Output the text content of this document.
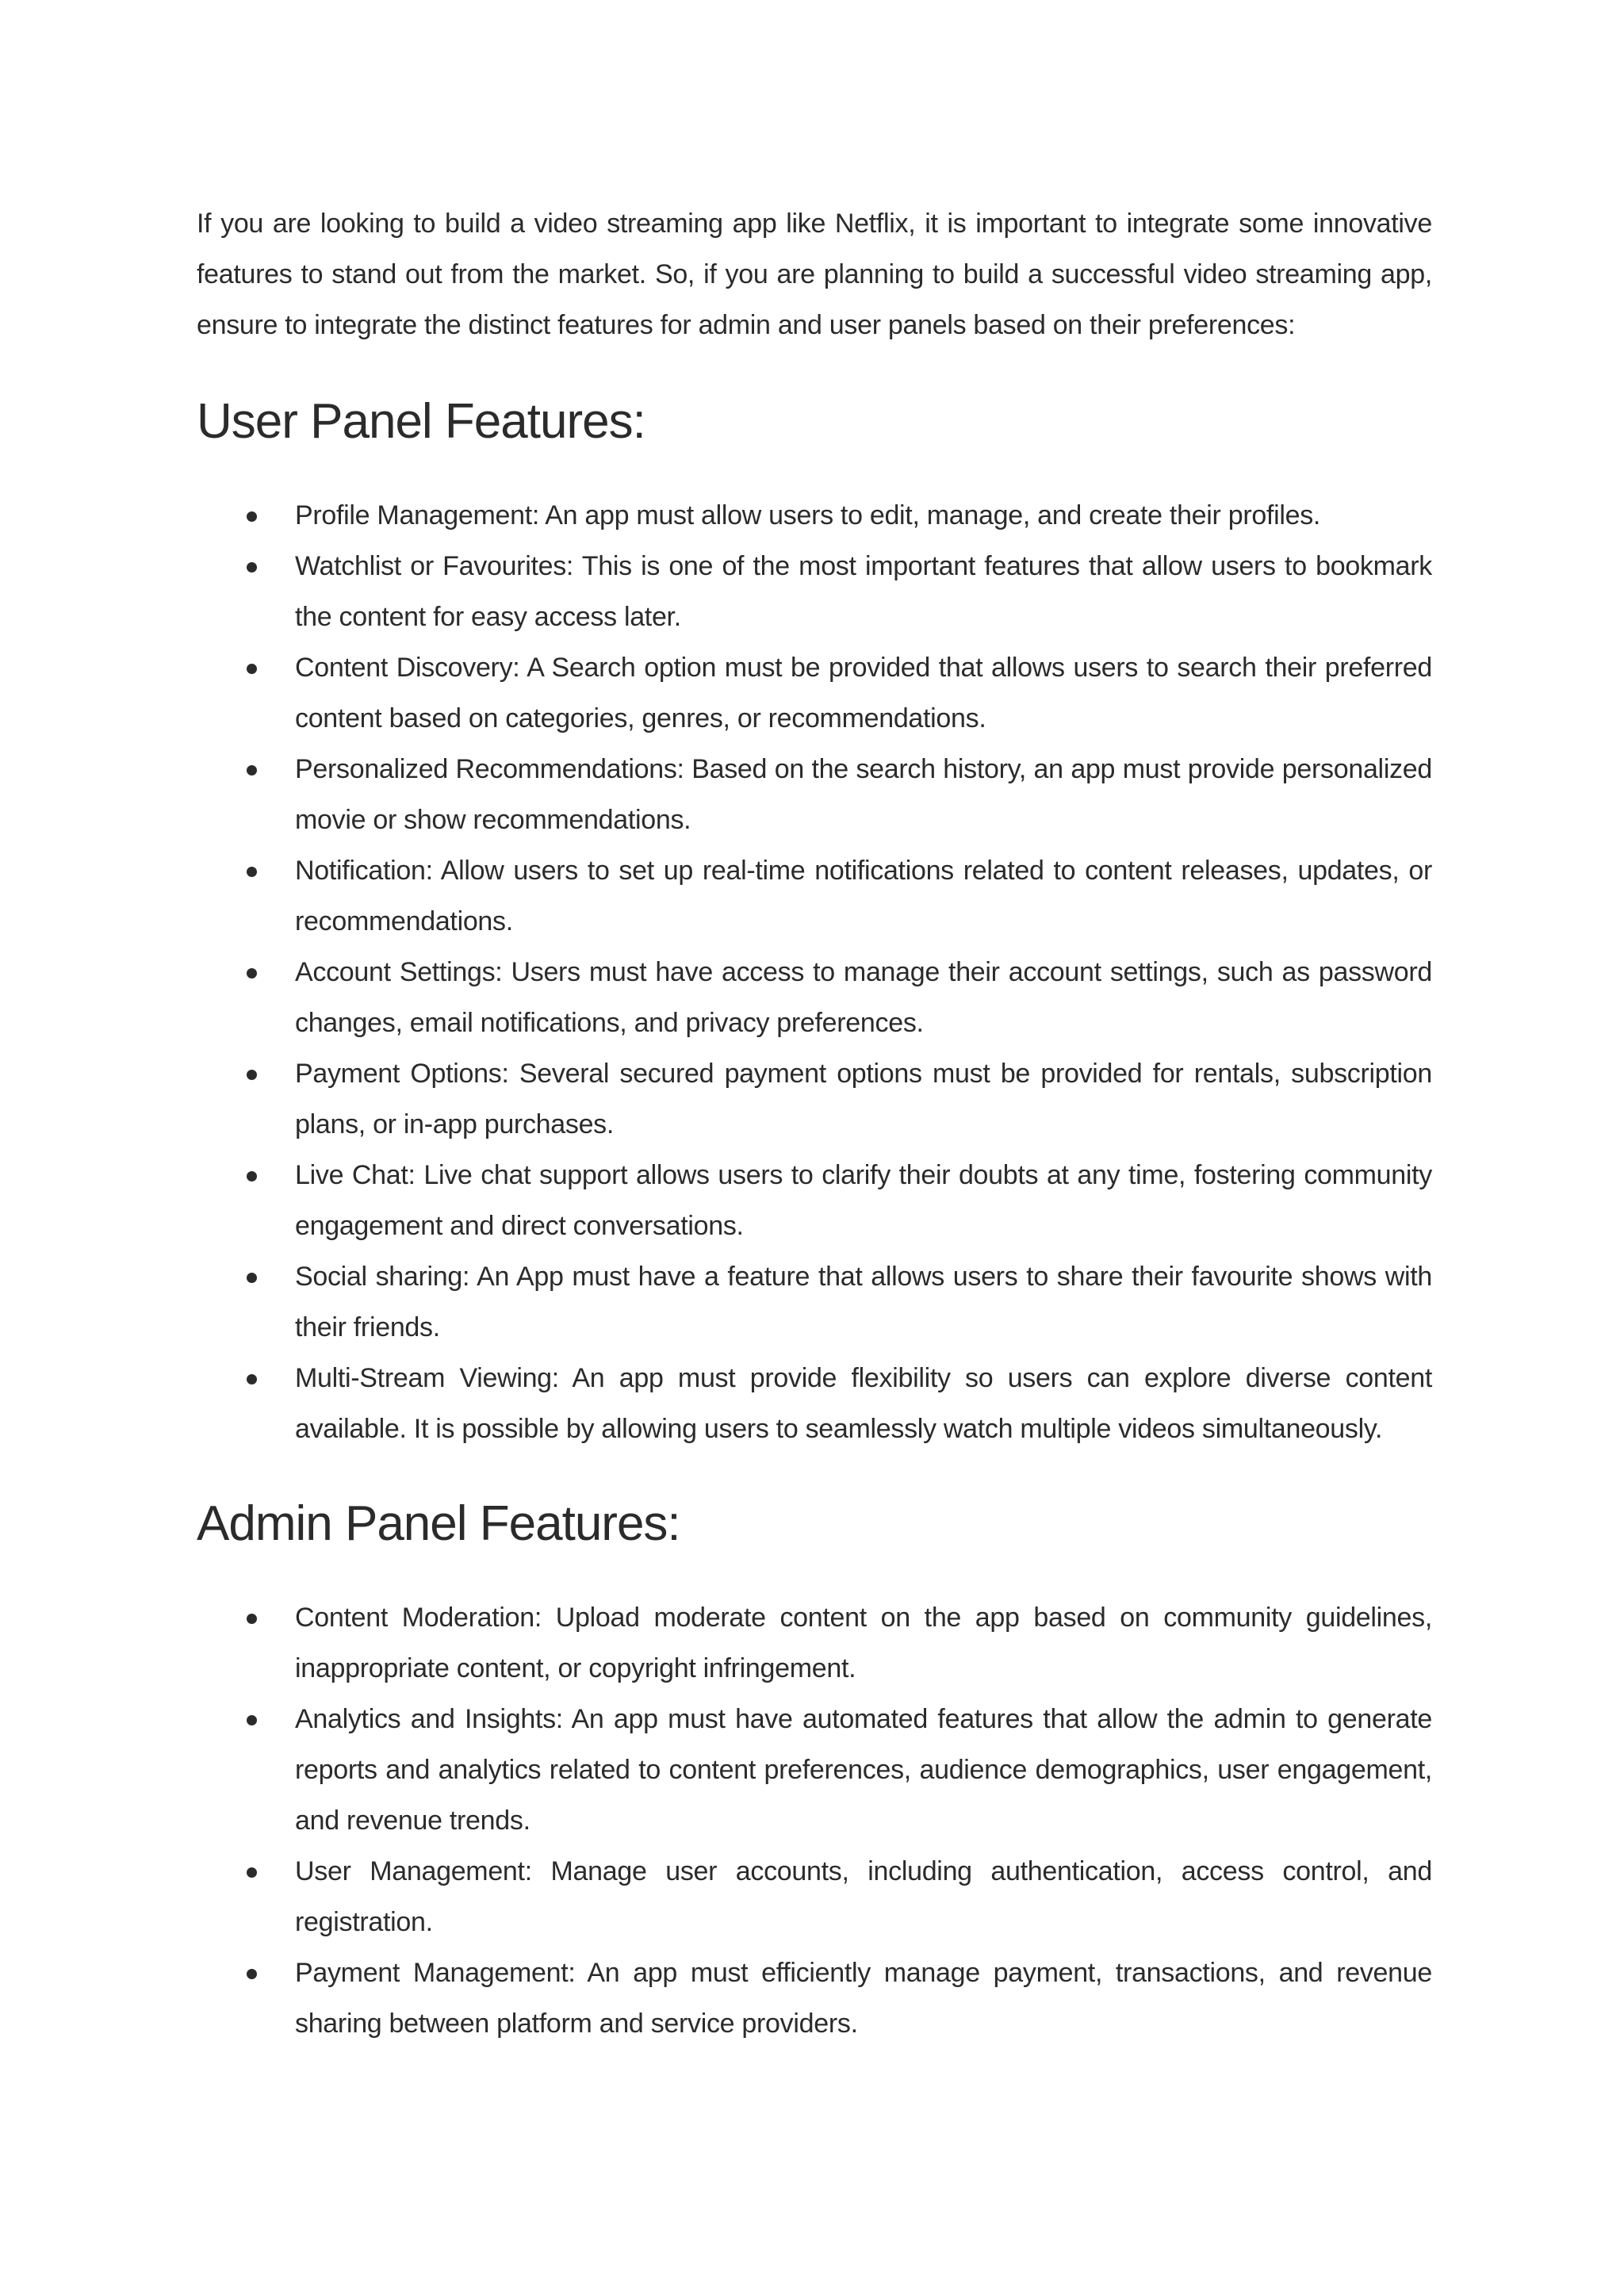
If you are looking to build a video streaming app like Netflix, it is important to integrate some innovative features to stand out from the market. So, if you are planning to build a successful video streaming app, ensure to integrate the distinct features for admin and user panels based on their preferences:

User Panel Features:
Profile Management: An app must allow users to edit, manage, and create their profiles.
Watchlist or Favourites: This is one of the most important features that allow users to bookmark the content for easy access later.
Content Discovery: A Search option must be provided that allows users to search their preferred content based on categories, genres, or recommendations.
Personalized Recommendations: Based on the search history, an app must provide personalized movie or show recommendations.
Notification: Allow users to set up real-time notifications related to content releases, updates, or recommendations.
Account Settings: Users must have access to manage their account settings, such as password changes, email notifications, and privacy preferences.
Payment Options: Several secured payment options must be provided for rentals, subscription plans, or in-app purchases.
Live Chat: Live chat support allows users to clarify their doubts at any time, fostering community engagement and direct conversations.
Social sharing: An App must have a feature that allows users to share their favourite shows with their friends.
Multi-Stream Viewing: An app must provide flexibility so users can explore diverse content available. It is possible by allowing users to seamlessly watch multiple videos simultaneously.
Admin Panel Features:
Content Moderation: Upload moderate content on the app based on community guidelines, inappropriate content, or copyright infringement.
Analytics and Insights: An app must have automated features that allow the admin to generate reports and analytics related to content preferences, audience demographics, user engagement, and revenue trends.
User Management: Manage user accounts, including authentication, access control, and registration.
Payment Management: An app must efficiently manage payment, transactions, and revenue sharing between platform and service providers.
